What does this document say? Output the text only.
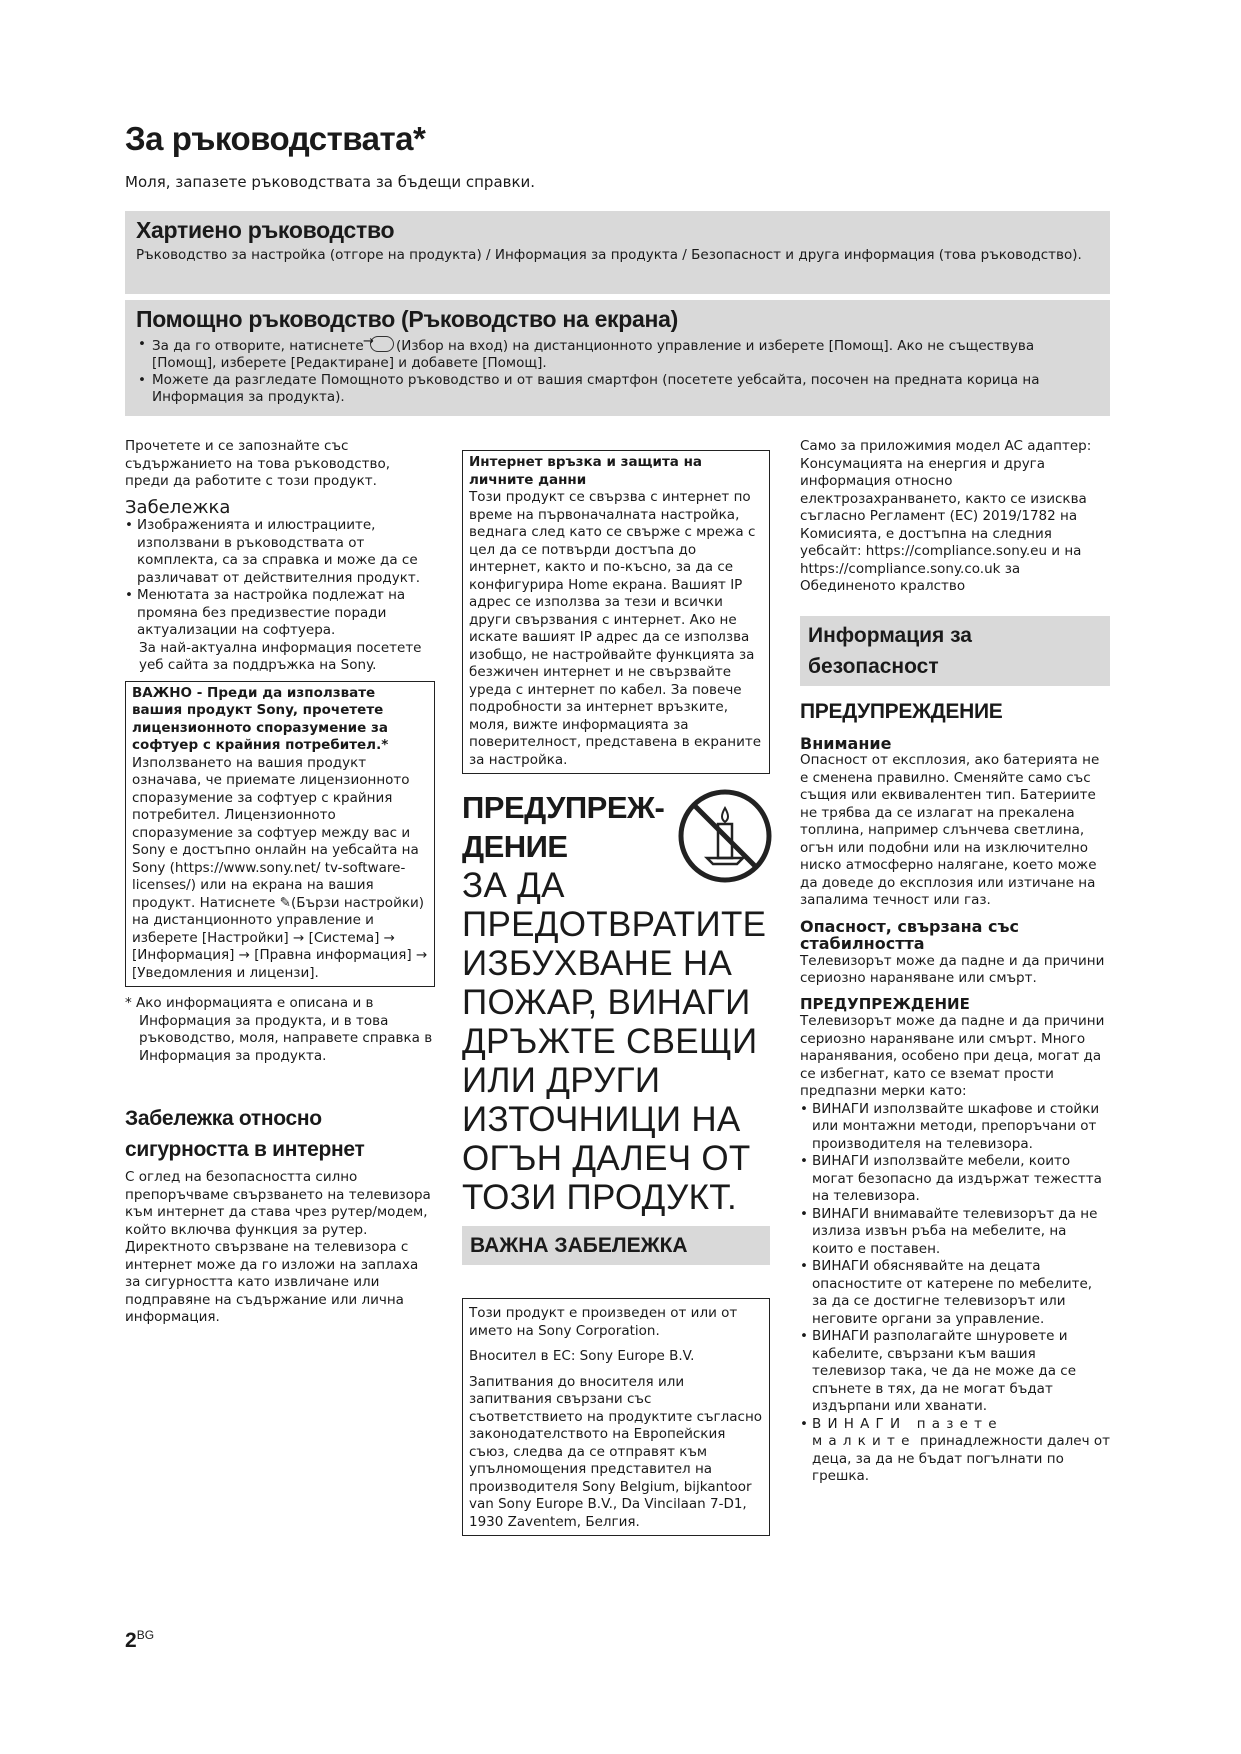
За ръководствата*
Моля, запазете ръководствата за бъдещи справки.
Хартиено ръководство

Ръководство за настройка (отгоре на продукта) / Информация за продукта / Безопасност и друга информация (това ръководство).

Помощно ръководство (Ръководство на екрана)
• За да го отворите, натиснете →(Избор на вход) на дистанционното управление и изберете [Помощ]. Ако не съществува [Помощ], изберете [Редактиране] и добавете [Помощ].
• Можете да разгледате Помощното ръководство и от вашия смартфон (посетете уебсайта, посочен на предната корица на Информация за продукта).

Прочетете и се запознайте със съдържанието на това ръководство, преди да работите с този продукт.

Забележка

• Изображенията и илюстрациите, използвани в ръководствата от комплекта, са за справка и може да се различават от действителния продукт.

• Менютата за настройка подлежат на промяна без предизвестие поради актуализации на софтуера.

За най-актуална информация посетете уеб сайта за поддръжка на Sony.

ВАЖНО - Преди да използвате вашия продукт Sony, прочетете лицензионното споразумение за софтуер с крайния потребител.*

Използването на вашия продукт означава, че приемате лицензионното споразумение за софтуер с крайния потребител. Лицензионното споразумение за софтуер между вас и Sony е достъпно онлайн на уебсайта на Sony (https://www.sony.net/ tv-software-licenses/) или на екрана на вашия продукт. Натиснете ✎(Бързи настройки) на дистанционното управление и изберете [Настройки] → [Система] → [Информация] → [Правна информация] → [Уведомления и лицензи].

* Ако информацията е описана и в Информация за продукта, и в това ръководство, моля, направете справка в Информация за продукта.

Забележка относно сигурността в интернет

С оглед на безопасността силно препоръчваме свързването на телевизора към интернет да става чрез рутер/модем, който включва функция за рутер. Директното свързване на телевизора с интернет може да го изложи на заплаха за сигурността като извличане или подправяне на съдържание или лична информация.

Интернет връзка и защита на личните данни

Този продукт се свързва с интернет по време на първоначалната настройка, веднага след като се свърже с мрежа с цел да се потвърди достъпа до интернет, както и по-късно, за да се конфигурира Home екрана. Вашият IP адрес се използва за тези и всички други свързвания с интернет. Ако не искате вашият IP адрес да се използва изобщо, не настройвайте функцията за безжичен интернет и не свързвайте уреда с интернет по кабел. За повече подробности за интернет връзките, моля, вижте информацията за поверителност, представена в екраните за настройка.

ПРЕДУПРЕЖ-ДЕНИЕ
ЗА ДА ПРЕДОТВРАТИТЕ ИЗБУХВАНЕ НА ПОЖАР, ВИНАГИ ДРЪЖТЕ СВЕЩИ ИЛИ ДРУГИ ИЗТОЧНИЦИ НА ОГЪН ДАЛЕЧ ОТ ТОЗИ ПРОДУКТ.
ВАЖНА ЗАБЕЛЕЖКА

Този продукт е произведен от или от името на Sony Corporation.

Вносител в ЕС: Sony Europe B.V.

Запитвания до вносителя или запитвания свързани със съответствието на продуктите съгласно законодателството на Европейския съюз, следва да се отправят към упълномощения представител на производителя Sony Belgium, bijkantoor van Sony Europe B.V., Da Vincilaan 7-D1, 1930 Zaventem, Белгия.

Само за приложимия модел AC адаптер: Консумацията на енергия и друга информация относно електрозахранването, както се изисква съгласно Регламент (ЕС) 2019/1782 на Комисията, е достъпна на следния уебсайт: https://compliance.sony.eu и на https://compliance.sony.co.uk за Обединеното кралство

Информация за безопасност
ПРЕДУПРЕЖДЕНИЕ
Внимание

Опасност от експлозия, ако батерията не е сменена правилно. Сменяйте само със същия или еквивалентен тип. Батериите не трябва да се излагат на прекалена топлина, например слънчева светлина, огън или подобни или на изключително ниско атмосферно налягане, което може да доведе до експлозия или изтичане на запалима течност или газ.

Опасност, свързана със стабилността

Телевизорът може да падне и да причини сериозно нараняване или смърт.

ПРЕДУПРЕЖДЕНИЕ

Телевизорът може да падне и да причини сериозно нараняване или смърт. Много наранявания, особено при деца, могат да се избегнат, като се вземат прости предпазни мерки като:

• ВИНАГИ използвайте шкафове и стойки или монтажни методи, препоръчани от производителя на телевизора.

• ВИНАГИ използвайте мебели, които могат безопасно да издържат тежестта на телевизора.

• ВИНАГИ внимавайте телевизорът да не излиза извън ръба на мебелите, на които е поставен.

• ВИНАГИ обяснявайте на децата опасностите от катерене по мебелите, за да се достигне телевизорът или неговите органи за управление.

• ВИНАГИ разполагайте шнуровете и кабелите, свързани към вашия телевизор така, че да не може да се спънете в тях, да не могат бъдат издърпани или хванати.

• ВИНАГИ пазете малките принадлежности далеч от деца, за да не бъдат погълнати по грешка.

$2^{BG}$
